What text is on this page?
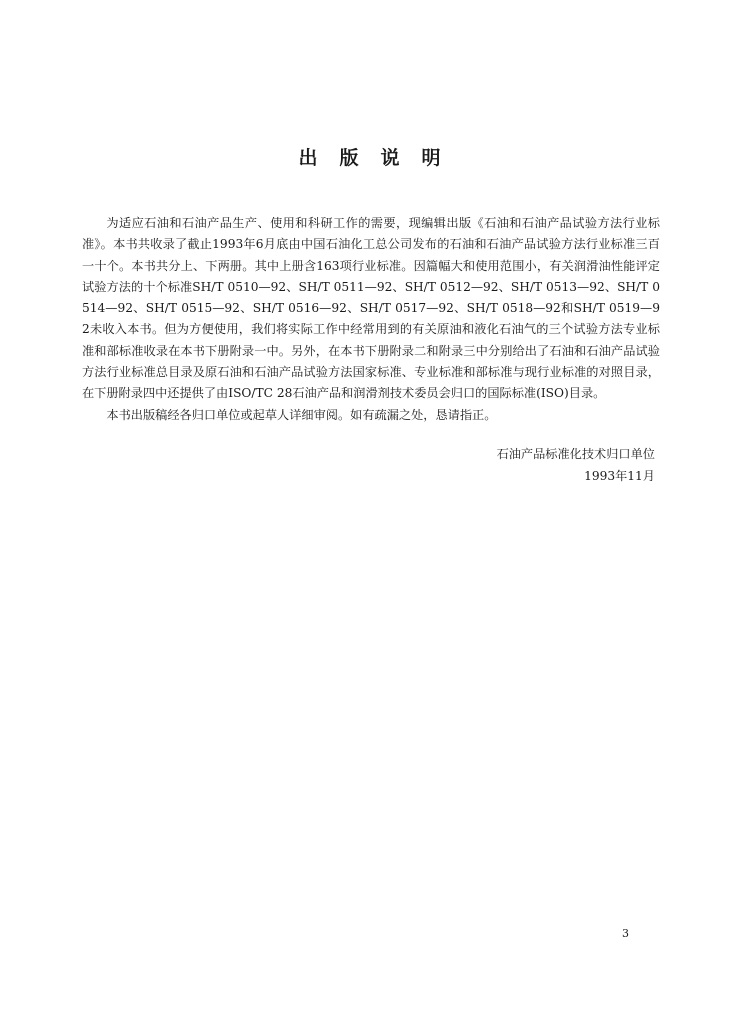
出版说明

为适应石油和石油产品生产、使用和科研工作的需要，现编辑出版《石油和石油产品试验方法行业标准》。本书共收录了截止1993年6月底由中国石油化工总公司发布的石油和石油产品试验方法行业标准三百一十个。本书共分上、下两册。其中上册含163项行业标准。因篇幅大和使用范围小，有关润滑油性能评定试验方法的十个标准SH/T 0510—92、SH/T 0511—92、SH/T 0512—92、SH/T 0513—92、SH/T 0514—92、SH/T 0515—92、SH/T 0516—92、SH/T 0517—92、SH/T 0518—92和SH/T 0519—92未收入本书。但为方便使用，我们将实际工作中经常用到的有关原油和液化石油气的三个试验方法专业标准和部标准收录在本书下册附录一中。另外，在本书下册附录二和附录三中分别给出了石油和石油产品试验方法行业标准总目录及原石油和石油产品试验方法国家标准、专业标准和部标准与现行业标准的对照目录，在下册附录四中还提供了由ISO/TC 28石油产品和润滑剂技术委员会归口的国际标准(ISO)目录。

本书出版稿经各归口单位或起草人详细审阅。如有疏漏之处，恳请指正。

石油产品标准化技术归口单位
1993年11月
3
